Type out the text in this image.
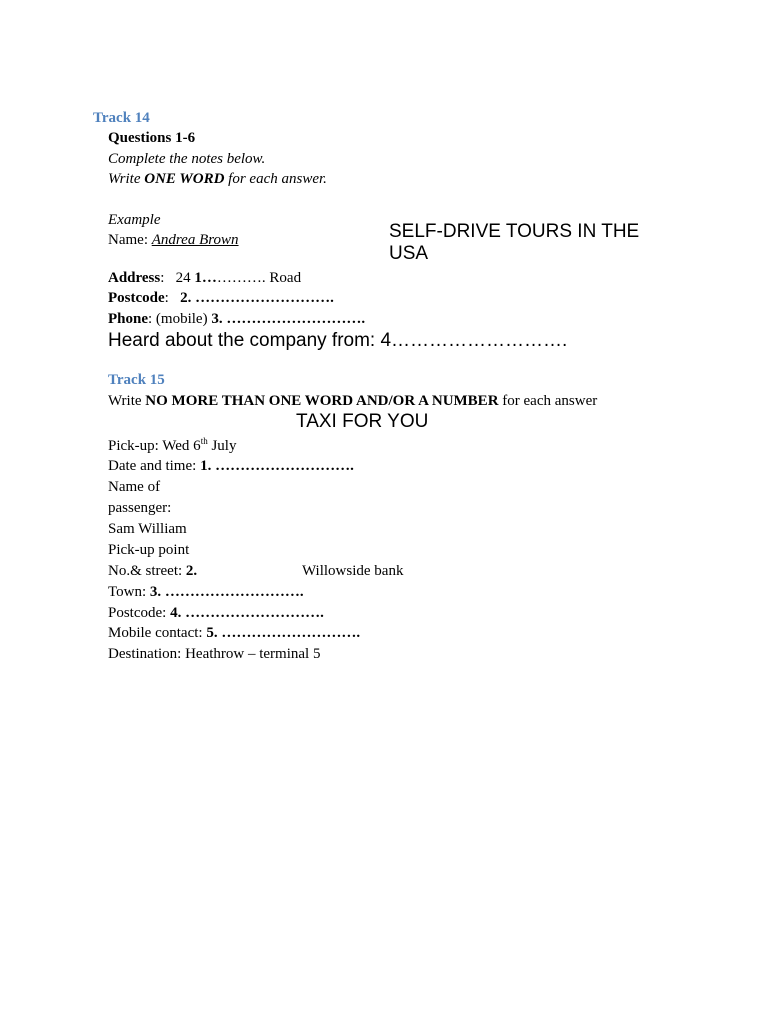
Track 14
Questions 1-6
Complete the notes below.
Write ONE WORD for each answer.
Example
Name: Andrea Brown	SELF-DRIVE TOURS IN THE
USA
Address:   24 1…………. Road
Postcode:   2. ……………………….
Phone: (mobile) 3. ……………………….
Heard about the company from: 4……………………….
Track 15
Write NO MORE THAN ONE WORD AND/OR A NUMBER for each answer
TAXI FOR YOU
Pick-up: Wed 6th July
Date and time: 1. ……………………….
Name of
passenger:
Sam William
Pick-up point
No.& street: 2.	Willowside bank
Town: 3. ……………………….
Postcode: 4. ……………………….
Mobile contact: 5. ……………………….
Destination: Heathrow – terminal 5
